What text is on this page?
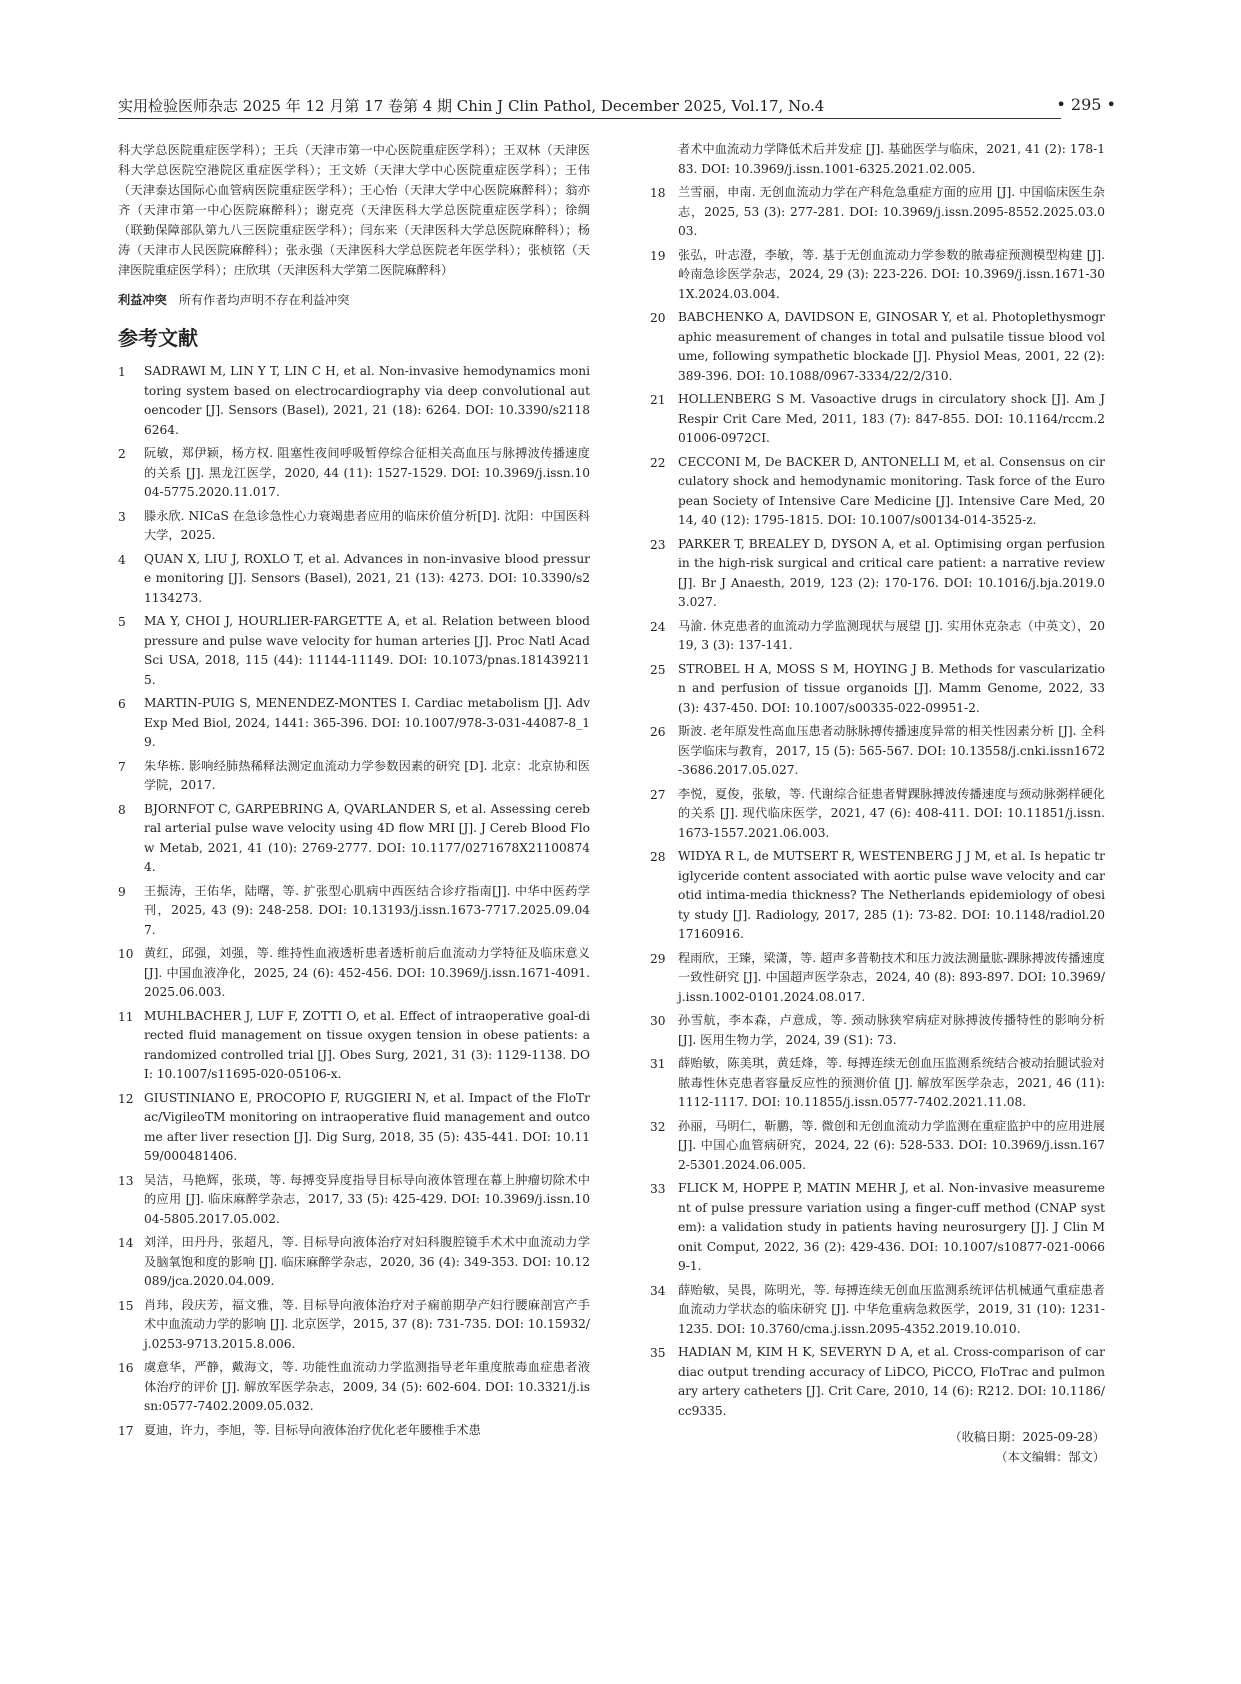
实用检验医师杂志 2025 年 12 月第 17 卷第 4 期 Chin J Clin Pathol, December 2025, Vol.17, No.4	• 295 •

科大学总医院重症医学科）；王兵（天津市第一中心医院重症医学科）；王双林（天津医科大学总医院空港院区重症医学科）；王文娇（天津大学中心医院重症医学科）；王伟（天津泰达国际心血管病医院重症医学科）；王心怡（天津大学中心医院麻醉科）；翁亦齐（天津市第一中心医院麻醉科）；谢克亮（天津医科大学总医院重症医学科）；徐绸（联勤保障部队第九八三医院重症医学科）；闫东来（天津医科大学总医院麻醉科）；杨涛（天津市人民医院麻醉科）；张永强（天津医科大学总医院老年医学科）；张桢铭（天津医院重症医学科）；庄欣琪（天津医科大学第二医院麻醉科）

利益冲突 所有作者均声明不存在利益冲突
参考文献
1	SADRAWI M, LIN Y T, LIN C H, et al. Non-invasive hemodynamics monitoring system based on electrocardiography via deep convolutional autoencoder [J]. Sensors (Basel), 2021, 21 (18): 6264. DOI: 10.3390/s21186264.
2	阮敏，郑伊颖，杨方权. 阻塞性夜间呼吸暂停综合征相关高血压与脉搏波传播速度的关系 [J]. 黑龙江医学，2020, 44 (11): 1527-1529. DOI: 10.3969/j.issn.1004-5775.2020.11.017.
3	滕永欣. NICaS 在急诊急性心力衰竭患者应用的临床价值分析[D]. 沈阳：中国医科大学，2025.
4	QUAN X, LIU J, ROXLO T, et al. Advances in non-invasive blood pressure monitoring [J]. Sensors (Basel), 2021, 21 (13): 4273. DOI: 10.3390/s21134273.
5	MA Y, CHOI J, HOURLIER-FARGETTE A, et al. Relation between blood pressure and pulse wave velocity for human arteries [J]. Proc Natl Acad Sci USA, 2018, 115 (44): 11144-11149. DOI: 10.1073/pnas.1814392115.
6	MARTIN-PUIG S, MENENDEZ-MONTES I. Cardiac metabolism [J]. Adv Exp Med Biol, 2024, 1441: 365-396. DOI: 10.1007/978-3-031-44087-8_19.
7	朱华栋. 影响经肺热稀释法测定血流动力学参数因素的研究 [D]. 北京：北京协和医学院，2017.
8	BJORNFOT C, GARPEBRING A, QVARLANDER S, et al. Assessing cerebral arterial pulse wave velocity using 4D flow MRI [J]. J Cereb Blood Flow Metab, 2021, 41 (10): 2769-2777. DOI: 10.1177/0271678X211008744.
9	王振涛，王佑华，陆曙，等. 扩张型心肌病中西医结合诊疗指南[J]. 中华中医药学刊，2025, 43 (9): 248-258. DOI: 10.13193/j.issn.1673-7717.2025.09.047.
10 黄红，邱强，刘强，等. 维持性血液透析患者透析前后血流动力学特征及临床意义 [J]. 中国血液净化，2025, 24 (6): 452-456. DOI: 10.3969/j.issn.1671-4091.2025.06.003.
11 MUHLBACHER J, LUF F, ZOTTI O, et al. Effect of intraoperative goal-directed fluid management on tissue oxygen tension in obese patients: a randomized controlled trial [J]. Obes Surg, 2021, 31 (3): 1129-1138. DOI: 10.1007/s11695-020-05106-x.
12 GIUSTINIANO E, PROCOPIO F, RUGGIERI N, et al. Impact of the FloTrac/VigileoTM monitoring on intraoperative fluid management and outcome after liver resection [J]. Dig Surg, 2018, 35 (5): 435-441. DOI: 10.1159/000481406.
13 吴洁，马艳辉，张瑛，等. 每搏变异度指导目标导向液体管理在幕上肿瘤切除术中的应用 [J]. 临床麻醉学杂志，2017, 33 (5): 425-429. DOI: 10.3969/j.issn.1004-5805.2017.05.002.
14 刘洋，田丹丹，张超凡，等. 目标导向液体治疗对妇科腹腔镜手术术中血流动力学及脑氧饱和度的影响 [J]. 临床麻醉学杂志，2020, 36 (4): 349-353. DOI: 10.12089/jca.2020.04.009.
15 肖玮，段庆芳，福文雅，等. 目标导向液体治疗对子痫前期孕产妇行腰麻剖宫产手术中血流动力学的影响 [J]. 北京医学，2015, 37 (8): 731-735. DOI: 10.15932/j.0253-9713.2015.8.006.
16 虞意华，严静，戴海文，等. 功能性血流动力学监测指导老年重度脓毒血症患者液体治疗的评价 [J]. 解放军医学杂志，2009, 34 (5): 602-604. DOI: 10.3321/j.issn:0577-7402.2009.05.032.
17 夏迪，许力，李旭，等. 目标导向液体治疗优化老年腰椎手术患
者术中血流动力学降低术后并发症 [J]. 基础医学与临床，2021, 41 (2): 178-183. DOI: 10.3969/j.issn.1001-6325.2021.02.005.
18	兰雪丽，申南. 无创血流动力学在产科危急重症方面的应用 [J]. 中国临床医生杂志，2025, 53 (3): 277-281. DOI: 10.3969/j.issn.2095-8552.2025.03.003.
19	张弘，叶志澄，李敏，等. 基于无创血流动力学参数的脓毒症预测模型构建 [J]. 岭南急诊医学杂志，2024, 29 (3): 223-226. DOI: 10.3969/j.issn.1671-301X.2024.03.004.
20	BABCHENKO A, DAVIDSON E, GINOSAR Y, et al. Photoplethysmographic measurement of changes in total and pulsatile tissue blood volume, following sympathetic blockade [J]. Physiol Meas, 2001, 22 (2): 389-396. DOI: 10.1088/0967-3334/22/2/310.
21	HOLLENBERG S M. Vasoactive drugs in circulatory shock [J]. Am J Respir Crit Care Med, 2011, 183 (7): 847-855. DOI: 10.1164/rccm.201006-0972CI.
22	CECCONI M, De BACKER D, ANTONELLI M, et al. Consensus on circulatory shock and hemodynamic monitoring. Task force of the European Society of Intensive Care Medicine [J]. Intensive Care Med, 2014, 40 (12): 1795-1815. DOI: 10.1007/s00134-014-3525-z.
23	PARKER T, BREALEY D, DYSON A, et al. Optimising organ perfusion in the high-risk surgical and critical care patient: a narrative review [J]. Br J Anaesth, 2019, 123 (2): 170-176. DOI: 10.1016/j.bja.2019.03.027.
24	马渝. 休克患者的血流动力学监测现状与展望 [J]. 实用休克杂志（中英文），2019, 3 (3): 137-141.
25	STROBEL H A, MOSS S M, HOYING J B. Methods for vascularization and perfusion of tissue organoids [J]. Mamm Genome, 2022, 33 (3): 437-450. DOI: 10.1007/s00335-022-09951-2.
26	斯波. 老年原发性高血压患者动脉脉搏传播速度异常的相关性因素分析 [J]. 全科医学临床与教育，2017, 15 (5): 565-567. DOI: 10.13558/j.cnki.issn1672-3686.2017.05.027.
27	李悦，夏俊，张敏，等. 代谢综合征患者臂踝脉搏波传播速度与颈动脉粥样硬化的关系 [J]. 现代临床医学，2021, 47 (6): 408-411. DOI: 10.11851/j.issn.1673-1557.2021.06.003.
28	WIDYA R L, de MUTSERT R, WESTENBERG J J M, et al. Is hepatic triglyceride content associated with aortic pulse wave velocity and carotid intima-media thickness? The Netherlands epidemiology of obesity study [J]. Radiology, 2017, 285 (1): 73-82. DOI: 10.1148/radiol.2017160916.
29	程雨欣，王臻，梁潇，等. 超声多普勒技术和压力波法测量肱-踝脉搏波传播速度一致性研究 [J]. 中国超声医学杂志，2024, 40 (8): 893-897. DOI: 10.3969/j.issn.1002-0101.2024.08.017.
30	孙雪航，李本森，卢意成，等. 颈动脉狭窄病症对脉搏波传播特性的影响分析 [J]. 医用生物力学，2024, 39 (S1): 73.
31	薛贻敏，陈美琪，黄廷烽，等. 每搏连续无创血压监测系统结合被动抬腿试验对脓毒性休克患者容量反应性的预测价值 [J]. 解放军医学杂志，2021, 46 (11): 1112-1117. DOI: 10.11855/j.issn.0577-7402.2021.11.08.
32	孙丽，马明仁，靳鹏，等. 微创和无创血流动力学监测在重症监护中的应用进展 [J]. 中国心血管病研究，2024, 22 (6): 528-533. DOI: 10.3969/j.issn.1672-5301.2024.06.005.
33	FLICK M, HOPPE P, MATIN MEHR J, et al. Non-invasive measurement of pulse pressure variation using a finger-cuff method (CNAP system): a validation study in patients having neurosurgery [J]. J Clin Monit Comput, 2022, 36 (2): 429-436. DOI: 10.1007/s10877-021-00669-1.
34	薛贻敏，吴畏，陈明光，等. 每搏连续无创血压监测系统评估机械通气重症患者血流动力学状态的临床研究 [J]. 中华危重病急救医学，2019, 31 (10): 1231-1235. DOI: 10.3760/cma.j.issn.2095-4352.2019.10.010.
35	HADIAN M, KIM H K, SEVERYN D A, et al. Cross-comparison of cardiac output trending accuracy of LiDCO, PiCCO, FloTrac and pulmonary artery catheters [J]. Crit Care, 2010, 14 (6): R212. DOI: 10.1186/cc9335.
（收稿日期：2025-09-28）
（本文编辑：郜文）
